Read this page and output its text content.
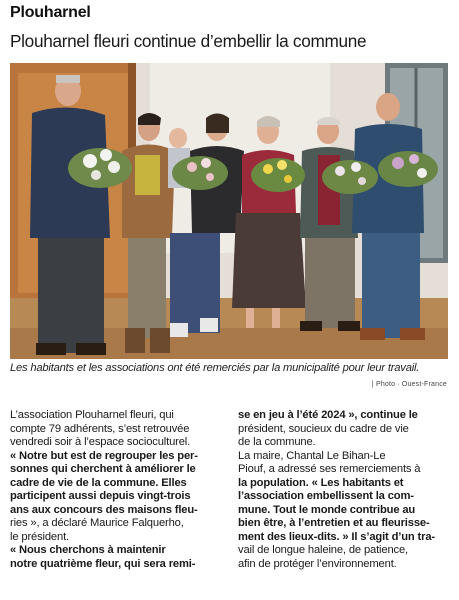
Plouharnel
Plouharnel fleuri continue d’embellir la commune
Les habitants et les associations ont été remerciés par la municipalité pour leur travail.
| Photo · Ouest-France
L’association Plouharnel fleuri, qui
compte 79 adhérents, s’est retrouvée
vendredi soir à l’espace socioculturel.
« Notre but est de regrouper les per-
sonnes qui cherchent à améliorer le
cadre de vie de la commune. Elles
participent aussi depuis vingt-trois
ans aux concours des maisons fleu-
ries », a déclaré Maurice Falquerho,
le président.
« Nous cherchons à maintenir
notre quatrième fleur, qui sera remi-
se en jeu à l’été 2024 », continue le
président, soucieux du cadre de vie
de la commune.
La maire, Chantal Le Bihan-Le
Piouf, a adressé ses remerciements à
la population. « Les habitants et
l’association embellissent la com-
mune. Tout le monde contribue au
bien être, à l’entretien et au fleurisse-
ment des lieux-dits. » Il s’agit d’un tra-
vail de longue haleine, de patience,
afin de protéger l’environnement.
